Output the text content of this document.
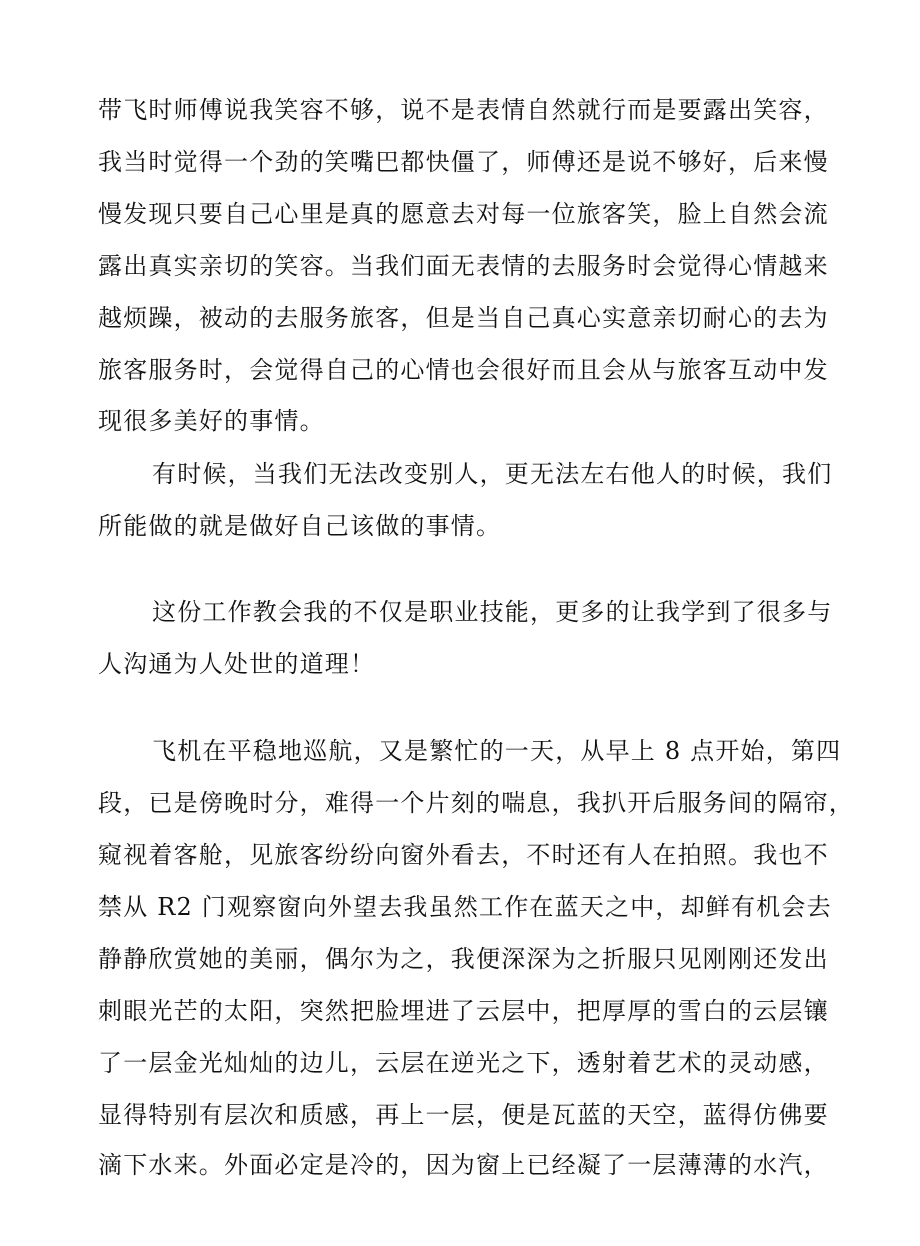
带飞时师傅说我笑容不够，说不是表情自然就行而是要露出笑容，
我当时觉得一个劲的笑嘴巴都快僵了，师傅还是说不够好，后来慢
慢发现只要自己心里是真的愿意去对每一位旅客笑，脸上自然会流
露出真实亲切的笑容。当我们面无表情的去服务时会觉得心情越来
越烦躁，被动的去服务旅客，但是当自己真心实意亲切耐心的去为
旅客服务时，会觉得自己的心情也会很好而且会从与旅客互动中发
现很多美好的事情。
有时候，当我们无法改变别人，更无法左右他人的时候，我们
所能做的就是做好自己该做的事情。
这份工作教会我的不仅是职业技能，更多的让我学到了很多与
人沟通为人处世的道理！
飞机在平稳地巡航，又是繁忙的一天，从早上 8 点开始，第四
段，已是傍晚时分，难得一个片刻的喘息，我扒开后服务间的隔帘，
窥视着客舱，见旅客纷纷向窗外看去，不时还有人在拍照。我也不
禁从 R2 门观察窗向外望去我虽然工作在蓝天之中，却鲜有机会去
静静欣赏她的美丽，偶尔为之，我便深深为之折服只见刚刚还发出
刺眼光芒的太阳，突然把脸埋进了云层中，把厚厚的雪白的云层镶
了一层金光灿灿的边儿，云层在逆光之下，透射着艺术的灵动感，
显得特别有层次和质感，再上一层，便是瓦蓝的天空，蓝得仿佛要
滴下水来。外面必定是冷的，因为窗上已经凝了一层薄薄的水汽，
